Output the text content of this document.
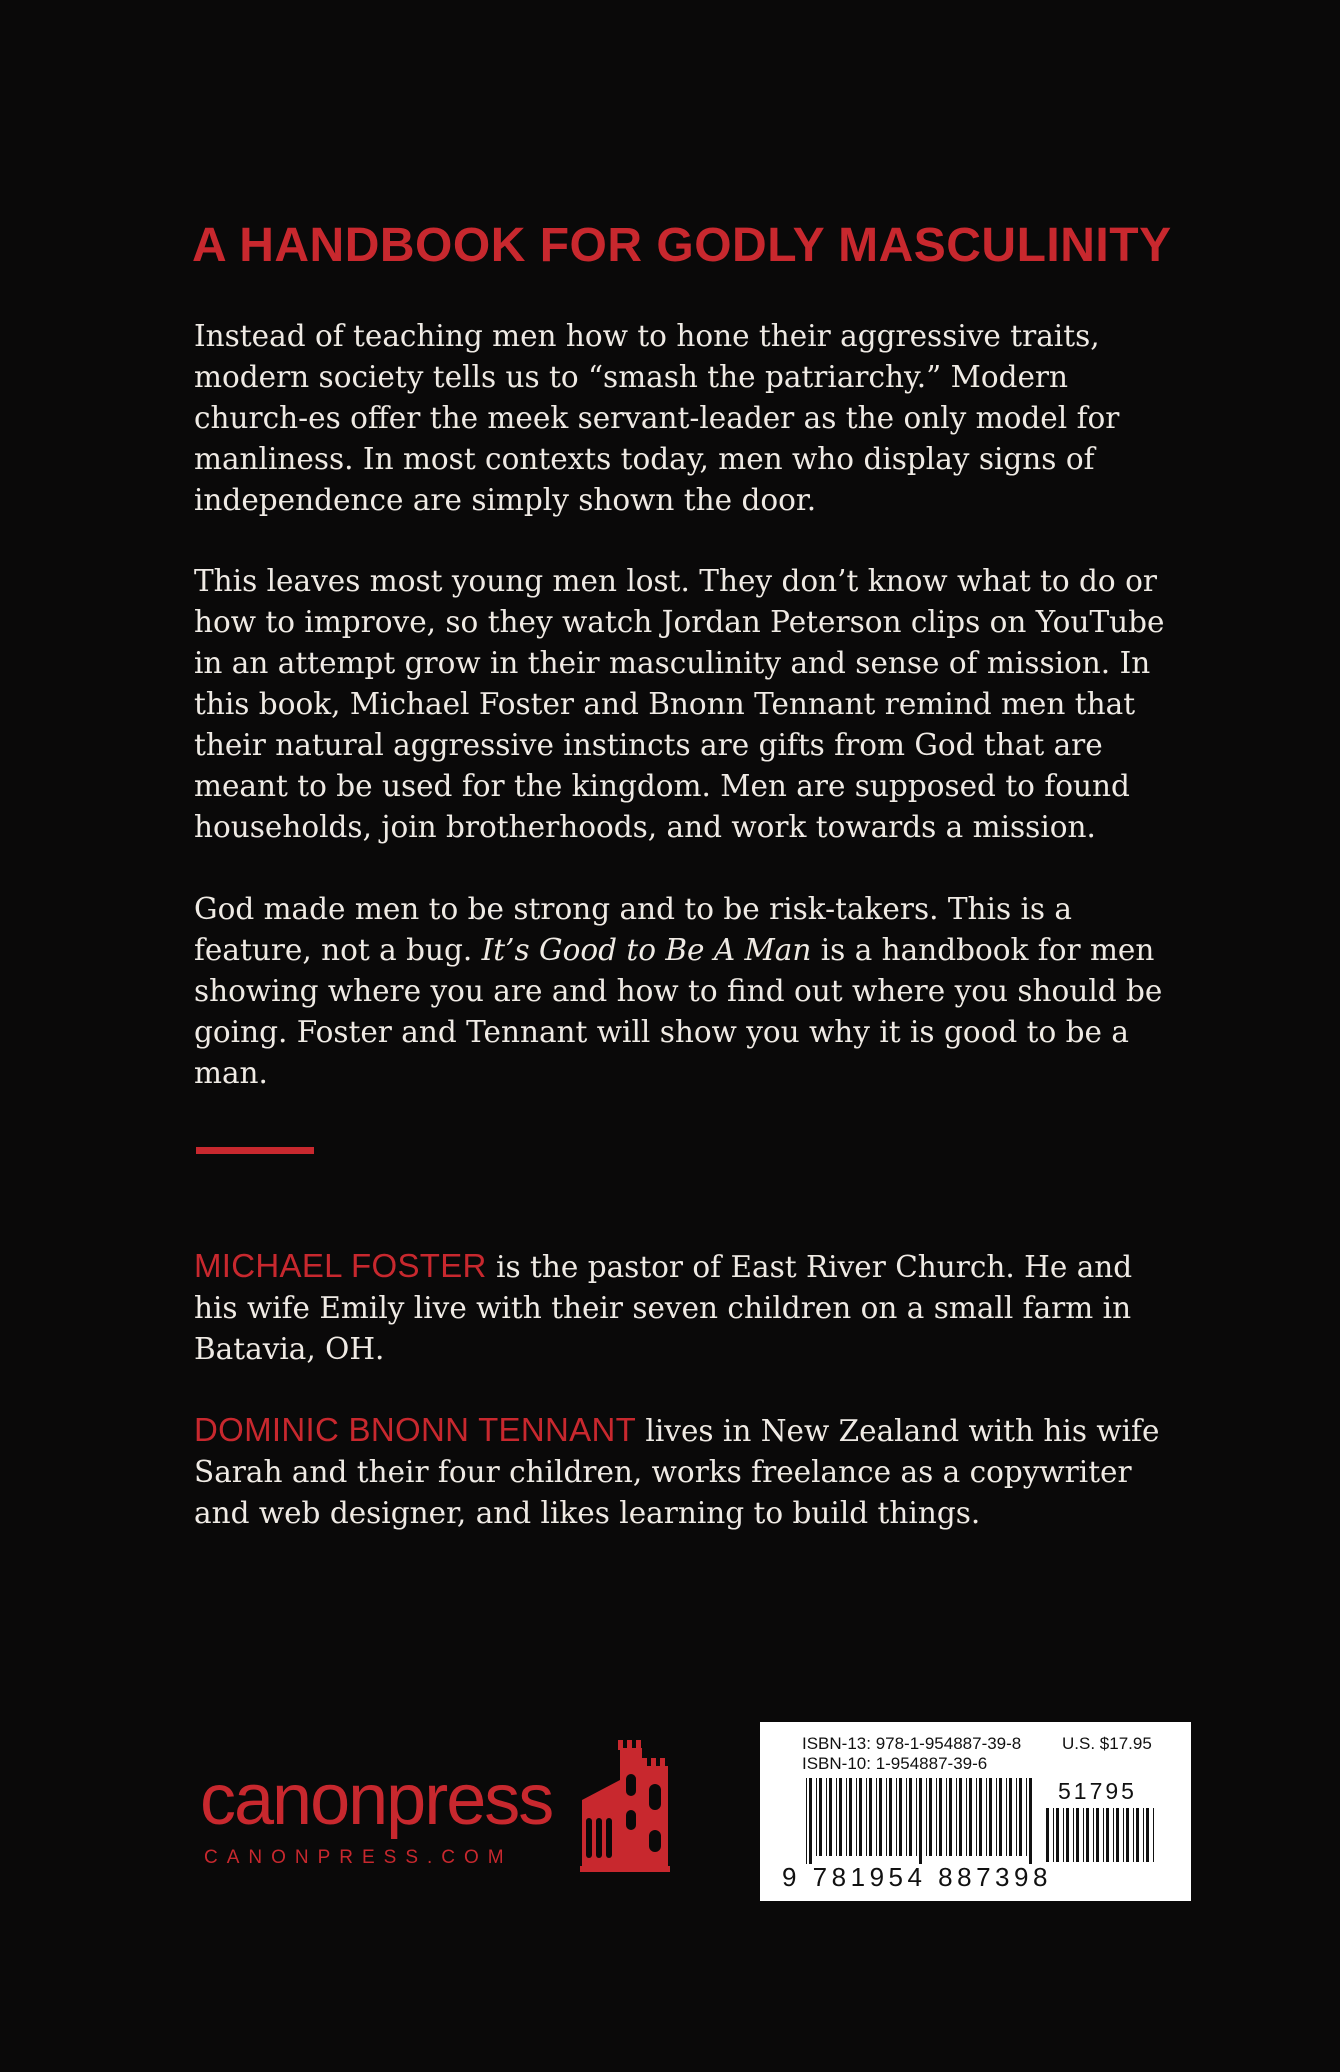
A HANDBOOK FOR GODLY MASCULINITY

Instead of teaching men how to hone their aggressive traits, modern society tells us to “smash the patriarchy.” Modern church-es offer the meek servant-leader as the only model for manliness. In most contexts today, men who display signs of independence are simply shown the door.

This leaves most young men lost. They don’t know what to do or how to improve, so they watch Jordan Peterson clips on YouTube in an attempt grow in their masculinity and sense of mission. In this book, Michael Foster and Bnonn Tennant remind men that their natural aggressive instincts are gifts from God that are meant to be used for the kingdom. Men are supposed to found households, join brotherhoods, and work towards a mission.

God made men to be strong and to be risk-takers. This is a feature, not a bug. It’s Good to Be A Man is a handbook for men showing where you are and how to find out where you should be going. Foster and Tennant will show you why it is good to be a man.

MICHAEL FOSTER is the pastor of East River Church. He and his wife Emily live with their seven children on a small farm in Batavia, OH.

DOMINIC BNONN TENNANT lives in New Zealand with his wife Sarah and their four children, works freelance as a copywriter and web designer, and likes learning to build things.

canonpress
CANONPRESS.COM
ISBN-13: 978-1-954887-39-8 U.S. $17.95
ISBN-10: 1-954887-39-6
51795
9 781954 887398
